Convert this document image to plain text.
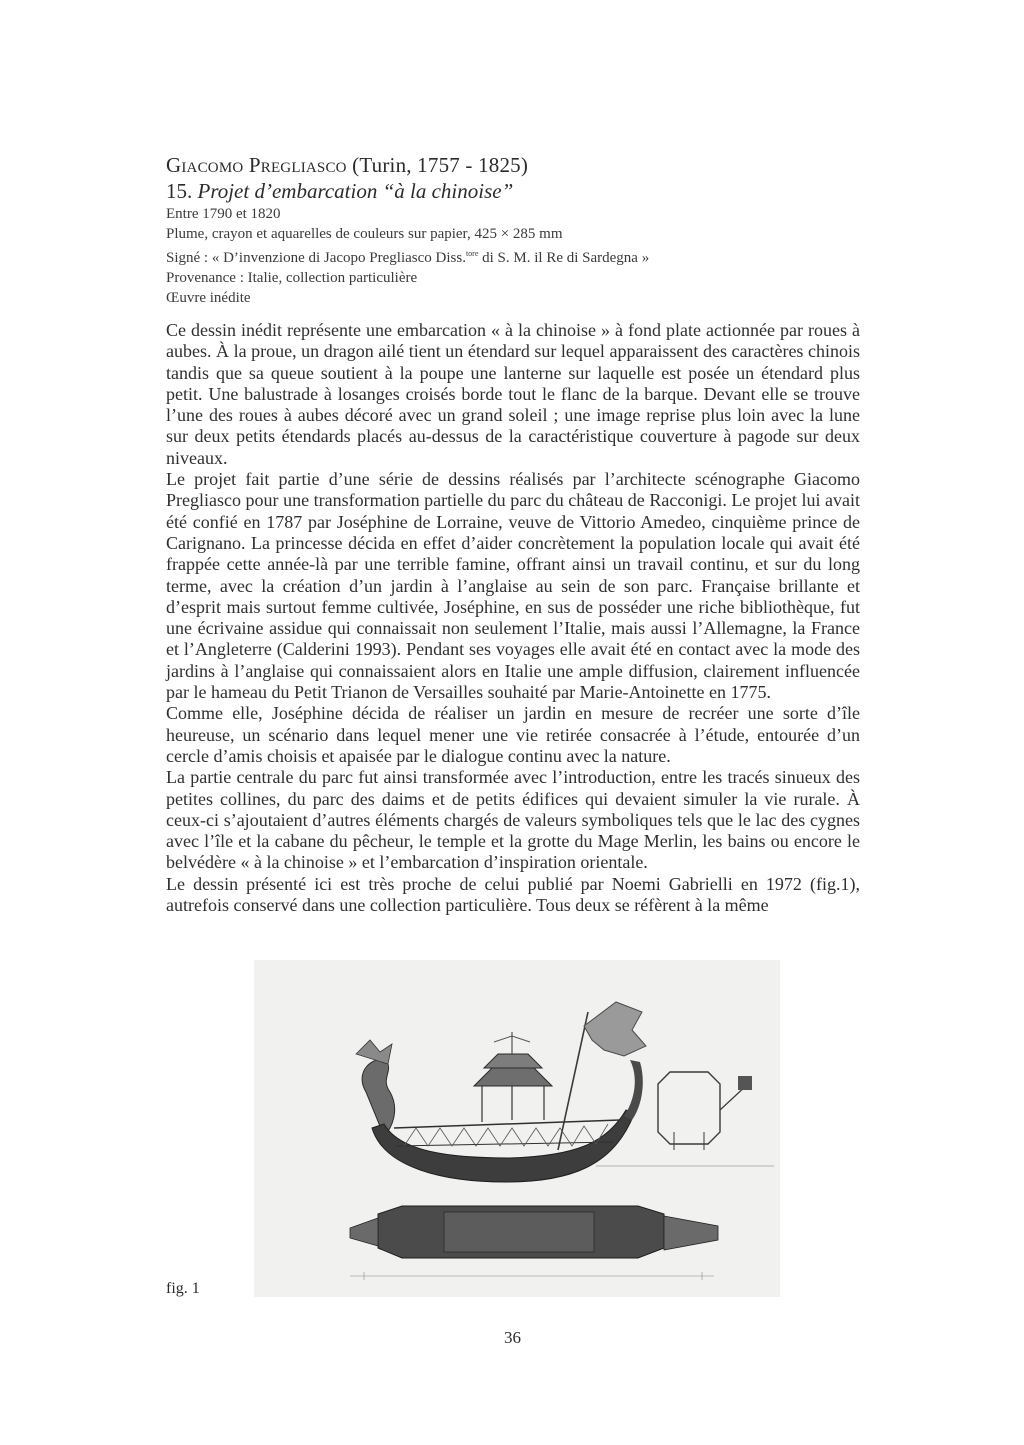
Giacomo Pregliasco (Turin, 1757 - 1825)
15. Projet d’embarcation “à la chinoise”
Entre 1790 et 1820
Plume, crayon et aquarelles de couleurs sur papier, 425 × 285 mm
Signé : « D’invenzione di Jacopo Pregliasco Diss.$^{tore}$ di S. M. il Re di Sardegna »
Provenance : Italie, collection particulière
Œuvre inédite

Ce dessin inédit représente une embarcation « à la chinoise » à fond plate actionnée par roues à aubes. À la proue, un dragon ailé tient un étendard sur lequel apparaissent des caractères chinois tandis que sa queue soutient à la poupe une lanterne sur laquelle est posée un étendard plus petit. Une balustrade à losanges croisés borde tout le flanc de la barque. Devant elle se trouve l’une des roues à aubes décoré avec un grand soleil ; une image reprise plus loin avec la lune sur deux petits étendards placés au-dessus de la caractéristique couverture à pagode sur deux niveaux.

Le projet fait partie d’une série de dessins réalisés par l’architecte scénographe Giacomo Pregliasco pour une transformation partielle du parc du château de Racconigi. Le projet lui avait été confié en 1787 par Joséphine de Lorraine, veuve de Vittorio Amedeo, cinquième prince de Carignano. La princesse décida en effet d’aider concrètement la population locale qui avait été frappée cette année-là par une terrible famine, offrant ainsi un travail continu, et sur du long terme, avec la création d’un jardin à l’anglaise au sein de son parc. Française brillante et d’esprit mais surtout femme cultivée, Joséphine, en sus de posséder une riche bibliothèque, fut une écrivaine assidue qui connaissait non seulement l’Italie, mais aussi l’Allemagne, la France et l’Angleterre (Calderini 1993). Pendant ses voyages elle avait été en contact avec la mode des jardins à l’anglaise qui connaissaient alors en Italie une ample diffusion, clairement influencée par le hameau du Petit Trianon de Versailles souhaité par Marie-Antoinette en 1775.

Comme elle, Joséphine décida de réaliser un jardin en mesure de recréer une sorte d’île heureuse, un scénario dans lequel mener une vie retirée consacrée à l’étude, entourée d’un cercle d’amis choisis et apaisée par le dialogue continu avec la nature.

La partie centrale du parc fut ainsi transformée avec l’introduction, entre les tracés sinueux des petites collines, du parc des daims et de petits édifices qui devaient simuler la vie rurale. À ceux-ci s’ajoutaient d’autres éléments chargés de valeurs symboliques tels que le lac des cygnes avec l’île et la cabane du pêcheur, le temple et la grotte du Mage Merlin, les bains ou encore le belvédère « à la chinoise » et l’embarcation d’inspiration orientale.

Le dessin présenté ici est très proche de celui publié par Noemi Gabrielli en 1972 (fig.1), autrefois conservé dans une collection particulière. Tous deux se réfèrent à la même

fig. 1
36
